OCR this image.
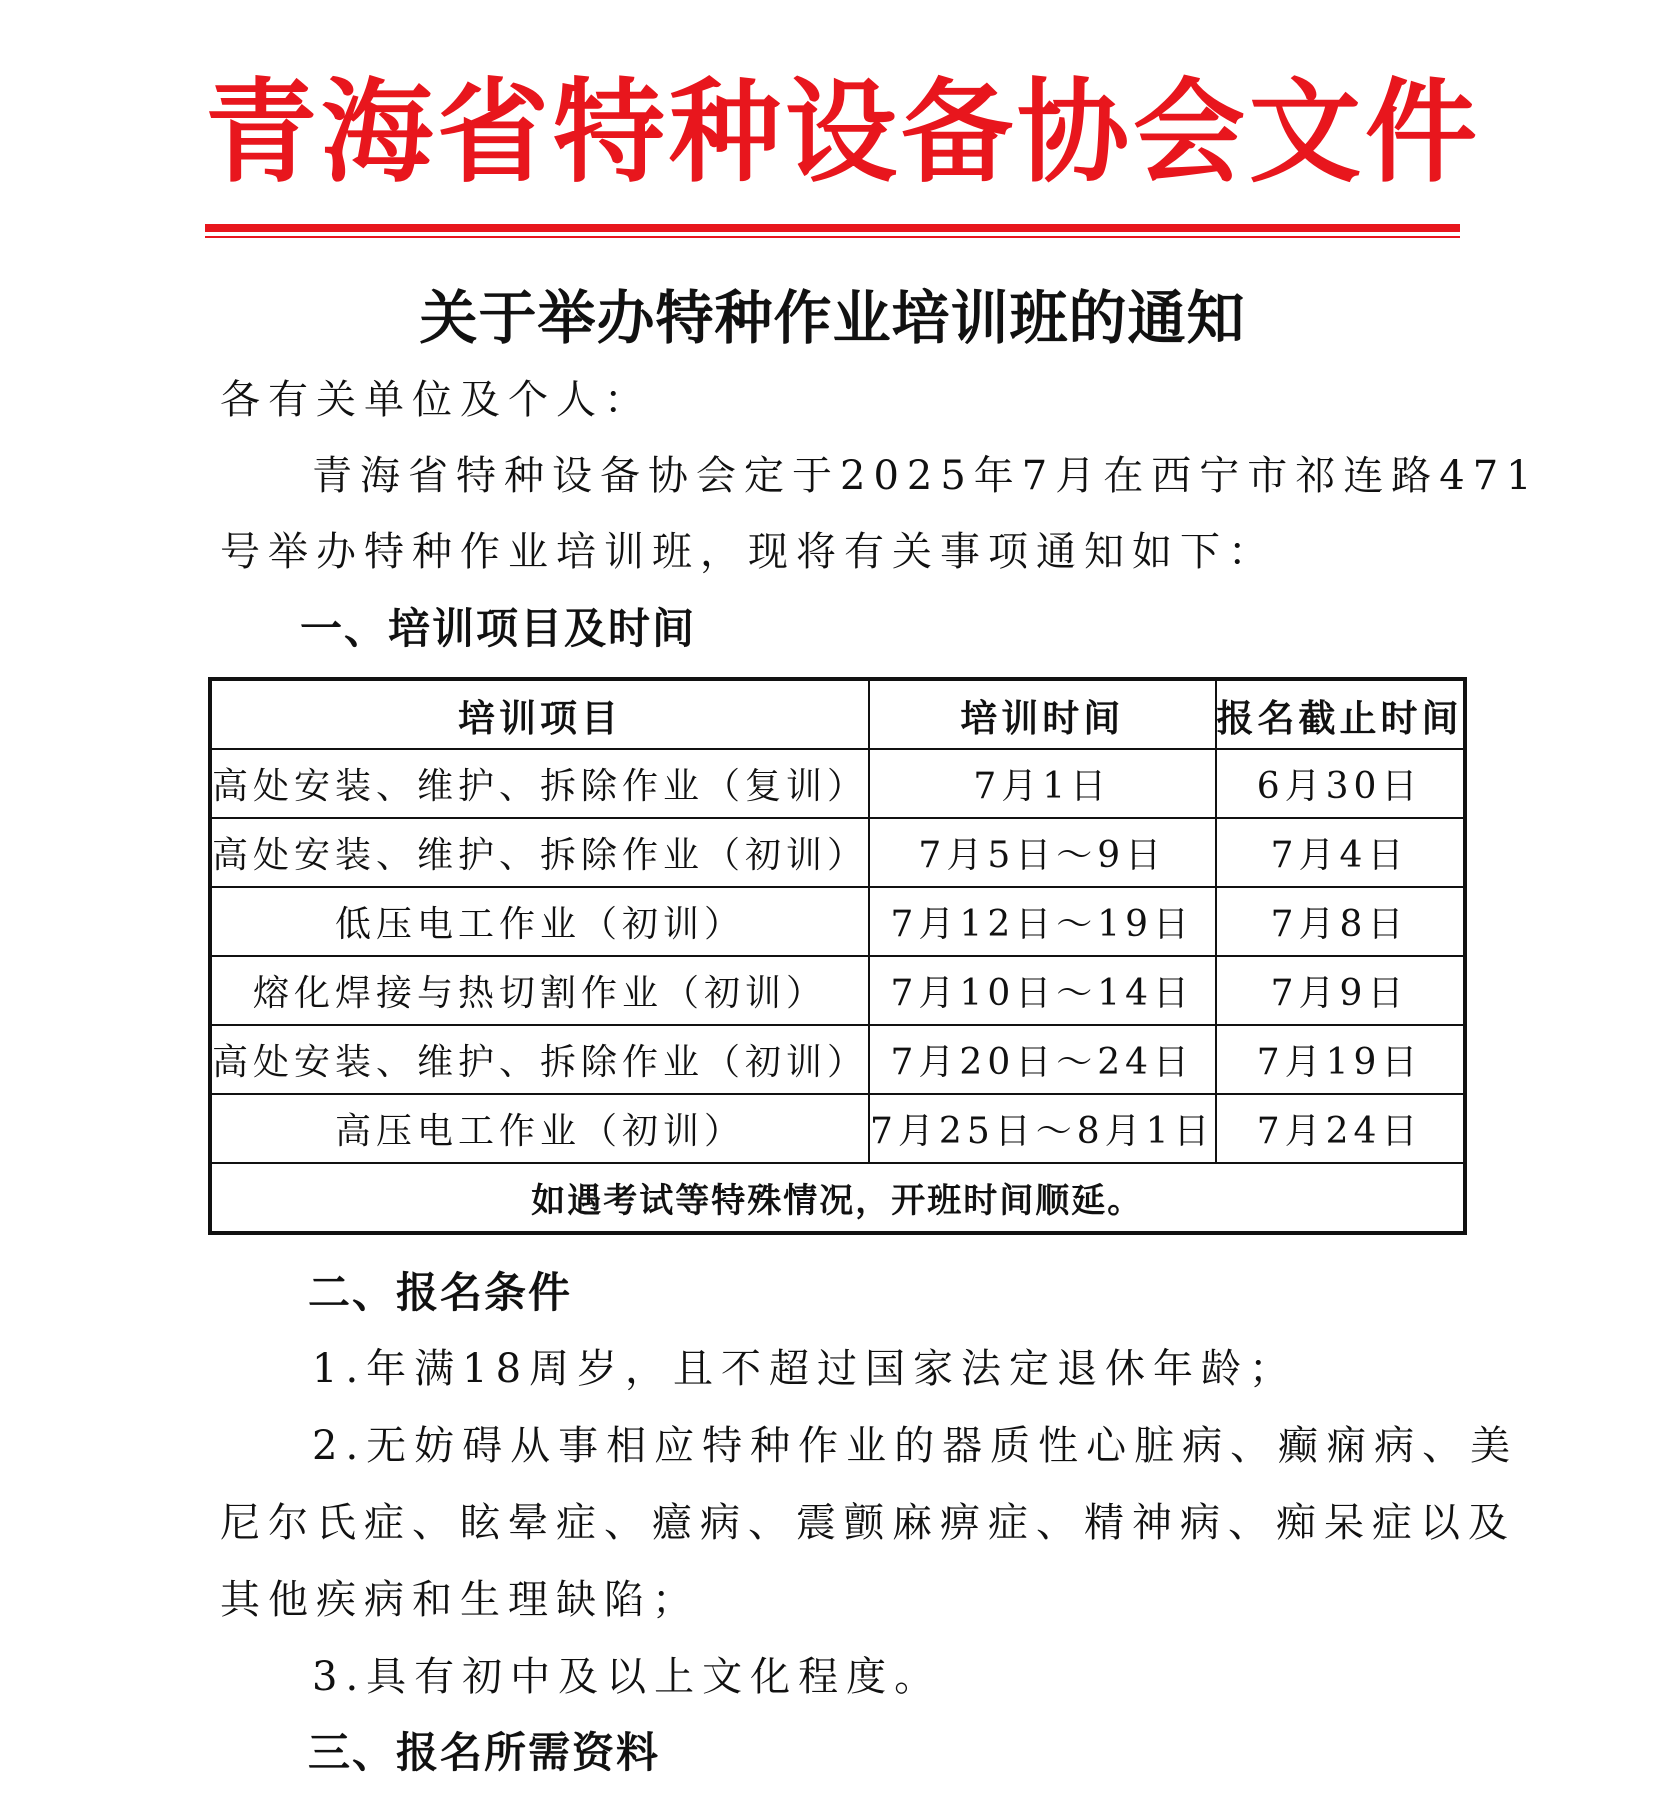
青海省特种设备协会文件
关于举办特种作业培训班的通知
各有关单位及个人：
青海省特种设备协会定于2025年7月在西宁市祁连路471
号举办特种作业培训班，现将有关事项通知如下：
一、培训项目及时间
培训项目	培训时间	报名截止时间
高处安装、维护、拆除作业（复训）	7月1日	6月30日
高处安装、维护、拆除作业（初训）	7月5日～9日	7月4日
低压电工作业（初训）	7月12日～19日	7月8日
熔化焊接与热切割作业（初训）	7月10日～14日	7月9日
高处安装、维护、拆除作业（初训）	7月20日～24日	7月19日
高压电工作业（初训）	7月25日～8月1日	7月24日
如遇考试等特殊情况，开班时间顺延。		
二、报名条件
1.年满18周岁，且不超过国家法定退休年龄；
2.无妨碍从事相应特种作业的器质性心脏病、癫痫病、美
尼尔氏症、眩晕症、癔病、震颤麻痹症、精神病、痴呆症以及
其他疾病和生理缺陷；
3.具有初中及以上文化程度。
三、报名所需资料
